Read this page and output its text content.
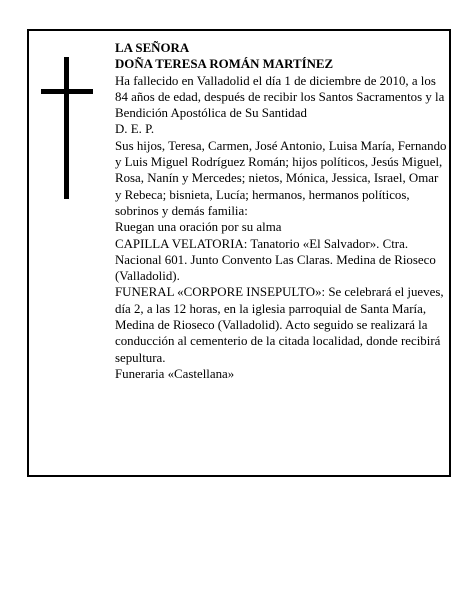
LA SEÑORA

DOÑA TERESA ROMÁN MARTÍNEZ

Ha fallecido en Valladolid el día 1 de diciembre de 2010, a los 84 años de edad, después de recibir los Santos Sacramentos y la Bendición Apostólica de Su Santidad

D. E. P.

Sus hijos, Teresa, Carmen, José Antonio, Luisa María, Fernando y Luis Miguel Rodríguez Román; hijos políticos, Jesús Miguel, Rosa, Nanín y Mercedes; nietos, Mónica, Jessica, Israel, Omar y Rebeca; bisnieta, Lucía; hermanos, hermanos políticos, sobrinos y demás familia:

Ruegan una oración por su alma

CAPILLA VELATORIA: Tanatorio «El Salvador». Ctra. Nacional 601. Junto Convento Las Claras. Medina de Rioseco (Valladolid).

FUNERAL «CORPORE INSEPULTO»: Se celebrará el jueves, día 2, a las 12 horas, en la iglesia parroquial de Santa María, Medina de Rioseco (Valladolid). Acto seguido se realizará la conducción al cementerio de la citada localidad, donde recibirá sepultura.

Funeraria «Castellana»
